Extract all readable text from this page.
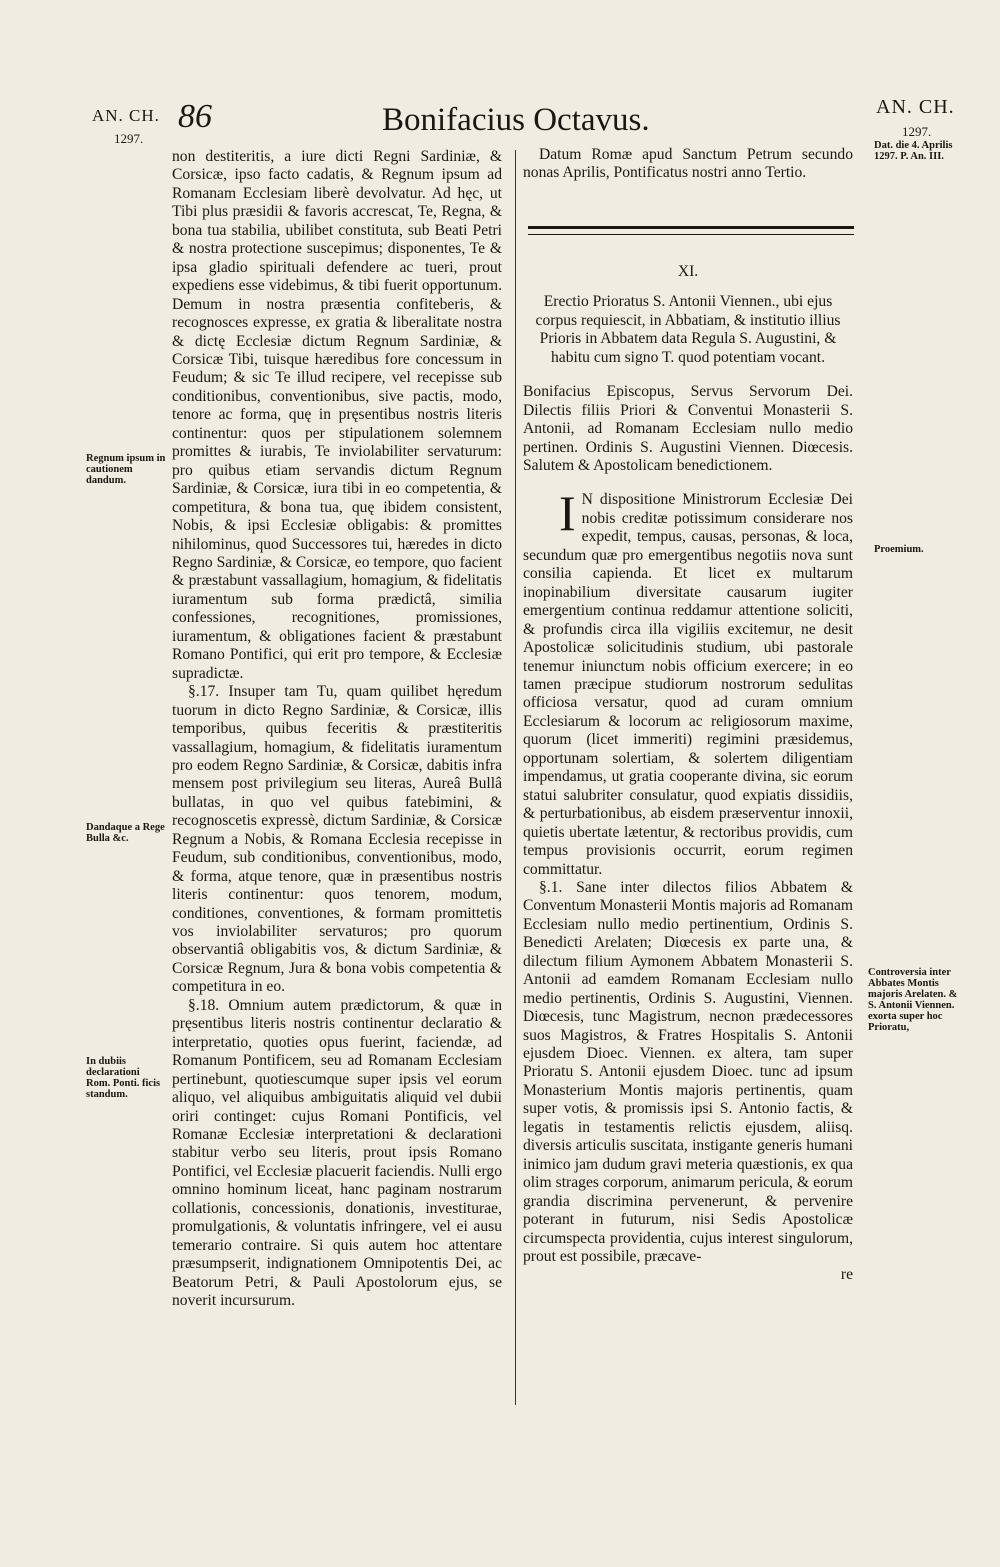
AN. CH.
1297.
86	Bonifacius Octavus.	AN. CH.
1297.
Regnum ipsum in cautionem dandum.
Dandaque a Rege Bulla &c.
In dubiis declarationi Rom. Ponti. ficis standum.
Dat. die 4. Aprilis 1297. P. An. III.
Proemium.
Controversia inter Abbates Montis majoris Arelaten. & S. Antonii Viennen. exorta super hoc Prioratu,

non destiteritis, a iure dicti Regni Sardiniæ, & Corsicæ, ipso facto cadatis, & Regnum ipsum ad Romanam Ecclesiam liberè devolvatur. Ad hęc, ut Tibi plus præsidii & favoris accrescat, Te, Regna, & bona tua stabilia, ubilibet constituta, sub Beati Petri & nostra protectione suscepimus; disponentes, Te & ipsa gladio spirituali defendere ac tueri, prout expediens esse videbimus, & tibi fuerit opportunum. Demum in nostra præsentia confiteberis, & recognosces expresse, ex gratia & liberalitate nostra & dictę Ecclesiæ dictum Regnum Sardiniæ, & Corsicæ Tibi, tuisque hæredibus fore concessum in Feudum; & sic Te illud recipere, vel recepisse sub conditionibus, conventionibus, sive pactis, modo, tenore ac forma, quę in pręsentibus nostris literis continentur: quos per stipulationem solemnem promittes & iurabis, Te inviolabiliter servaturum: pro quibus etiam servandis dictum Regnum Sardiniæ, & Corsicæ, iura tibi in eo competentia, & competitura, & bona tua, quę ibidem consistent, Nobis, & ipsi Ecclesiæ obligabis: & promittes nihilominus, quod Successores tui, hæredes in dicto Regno Sardiniæ, & Corsicæ, eo tempore, quo facient & præstabunt vassallagium, homagium, & fidelitatis iuramentum sub forma prædictâ, similia confessiones, recognitiones, promissiones, iuramentum, & obligationes facient & præstabunt Romano Pontifici, qui erit pro tempore, & Ecclesiæ supradictæ.

§.17. Insuper tam Tu, quam quilibet hęredum tuorum in dicto Regno Sardiniæ, & Corsicæ, illis temporibus, quibus feceritis & præstiteritis vassallagium, homagium, & fidelitatis iuramentum pro eodem Regno Sardiniæ, & Corsicæ, dabitis infra mensem post privilegium seu literas, Aureâ Bullâ bullatas, in quo vel quibus fatebimini, & recognoscetis expressè, dictum Sardiniæ, & Corsicæ Regnum a Nobis, & Romana Ecclesia recepisse in Feudum, sub conditionibus, conventionibus, modo, & forma, atque tenore, quæ in præsentibus nostris literis continentur: quos tenorem, modum, conditiones, conventiones, & formam promittetis vos inviolabiliter servaturos; pro quorum observantiâ obligabitis vos, & dictum Sardiniæ, & Corsicæ Regnum, Jura & bona vobis competentia & competitura in eo.

§.18. Omnium autem prædictorum, & quæ in pręsentibus literis nostris continentur declaratio & interpretatio, quoties opus fuerint, faciendæ, ad Romanum Pontificem, seu ad Romanam Ecclesiam pertinebunt, quotiescumque super ipsis vel eorum aliquo, vel aliquibus ambiguitatis aliquid vel dubii oriri continget: cujus Romani Pontificis, vel Romanæ Ecclesiæ interpretationi & declarationi stabitur verbo seu literis, prout ipsis Romano Pontifici, vel Ecclesiæ placuerit faciendis. Nulli ergo omnino hominum liceat, hanc paginam nostrarum collationis, concessionis, donationis, investiturae, promulgationis, & voluntatis infringere, vel ei ausu temerario contraire. Si quis autem hoc attentare præsumpserit, indignationem Omnipotentis Dei, ac Beatorum Petri, & Pauli Apostolorum ejus, se noverit incursurum.

Datum Romæ apud Sanctum Petrum secundo nonas Aprilis, Pontificatus nostri anno Tertio.

XI.

Erectio Prioratus S. Antonii Viennen., ubi ejus corpus requiescit, in Abbatiam, & institutio illius Prioris in Abbatem data Regula S. Augustini, & habitu cum signo T. quod potentiam vocant.

Bonifacius Episcopus, Servus Servorum Dei. Dilectis filiis Priori & Conventui Monasterii S. Antonii, ad Romanam Ecclesiam nullo medio pertinen. Ordinis S. Augustini Viennen. Diœcesis. Salutem & Apostolicam benedictionem.

I N dispositione Ministrorum Ecclesiæ Dei nobis creditæ potissimum considerare nos expedit, tempus, causas, personas, & loca, secundum quæ pro emergentibus negotiis nova sunt consilia capienda. Et licet ex multarum inopinabilium diversitate causarum iugiter emergentium continua reddamur attentione soliciti, & profundis circa illa vigiliis excitemur, ne desit Apostolicæ solicitudinis studium, ubi pastorale tenemur iniunctum nobis officium exercere; in eo tamen præcipue studiorum nostrorum sedulitas officiosa versatur, quod ad curam omnium Ecclesiarum & locorum ac religiosorum maxime, quorum (licet immeriti) regimini præsidemus, opportunam solertiam, & solertem diligentiam impendamus, ut gratia cooperante divina, sic eorum statui salubriter consulatur, quod expiatis dissidiis, & perturbationibus, ab eisdem præserventur innoxii, quietis ubertate lætentur, & rectoribus providis, cum tempus provisionis occurrit, eorum regimen committatur.

§.1. Sane inter dilectos filios Abbatem & Conventum Monasterii Montis majoris ad Romanam Ecclesiam nullo medio pertinentium, Ordinis S. Benedicti Arelaten; Diœcesis ex parte una, & dilectum filium Aymonem Abbatem Monasterii S. Antonii ad eamdem Romanam Ecclesiam nullo medio pertinentis, Ordinis S. Augustini, Viennen. Diœcesis, tunc Magistrum, necnon prædecessores suos Magistros, & Fratres Hospitalis S. Antonii ejusdem Dioec. Viennen. ex altera, tam super Prioratu S. Antonii ejusdem Dioec. tunc ad ipsum Monasterium Montis majoris pertinentis, quam super votis, & promissis ipsi S. Antonio factis, & legatis in testamentis relictis ejusdem, aliisq. diversis articulis suscitata, instigante generis humani inimico jam dudum gravi meteria quæstionis, ex qua olim strages corporum, animarum pericula, & eorum grandia discrimina pervenerunt, & pervenire poterant in futurum, nisi Sedis Apostolicæ circumspecta providentia, cujus interest singulorum, prout est possibile, præcave-

re
